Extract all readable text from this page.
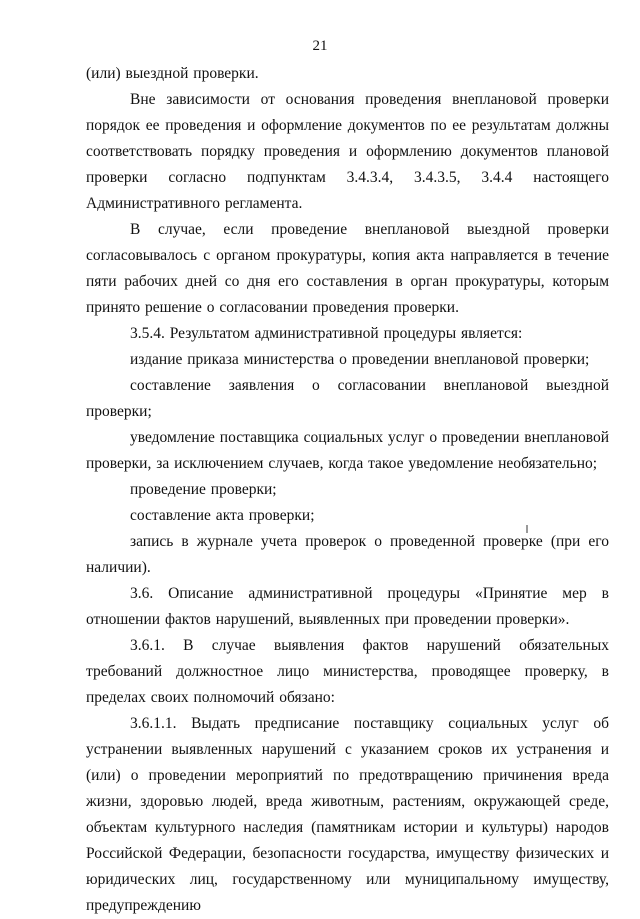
21

(или) выездной проверки.

Вне зависимости от основания проведения внеплановой проверки порядок ее проведения и оформление документов по ее результатам должны соответствовать порядку проведения и оформлению документов плановой проверки согласно подпунктам 3.4.3.4, 3.4.3.5, 3.4.4 настоящего Административного регламента.

В случае, если проведение внеплановой выездной проверки согласовывалось с органом прокуратуры, копия акта направляется в течение пяти рабочих дней со дня его составления в орган прокуратуры, которым принято решение о согласовании проведения проверки.

3.5.4. Результатом административной процедуры является:

издание приказа министерства о проведении внеплановой проверки;

составление заявления о согласовании внеплановой выездной проверки;

уведомление поставщика социальных услуг о проведении внеплановой проверки, за исключением случаев, когда такое уведомление необязательно;

проведение проверки;

составление акта проверки;

запись в журнале учета проверок о проведенной проверке (при его наличии).

3.6. Описание административной процедуры «Принятие мер в отношении фактов нарушений, выявленных при проведении проверки».

3.6.1. В случае выявления фактов нарушений обязательных требований должностное лицо министерства, проводящее проверку, в пределах своих полномочий обязано:

3.6.1.1. Выдать предписание поставщику социальных услуг об устранении выявленных нарушений с указанием сроков их устранения и (или) о проведении мероприятий по предотвращению причинения вреда жизни, здоровью людей, вреда животным, растениям, окружающей среде, объектам культурного наследия (памятникам истории и культуры) народов Российской Федерации, безопасности государства, имуществу физических и юридических лиц, государственному или муниципальному имуществу, предупреждению
